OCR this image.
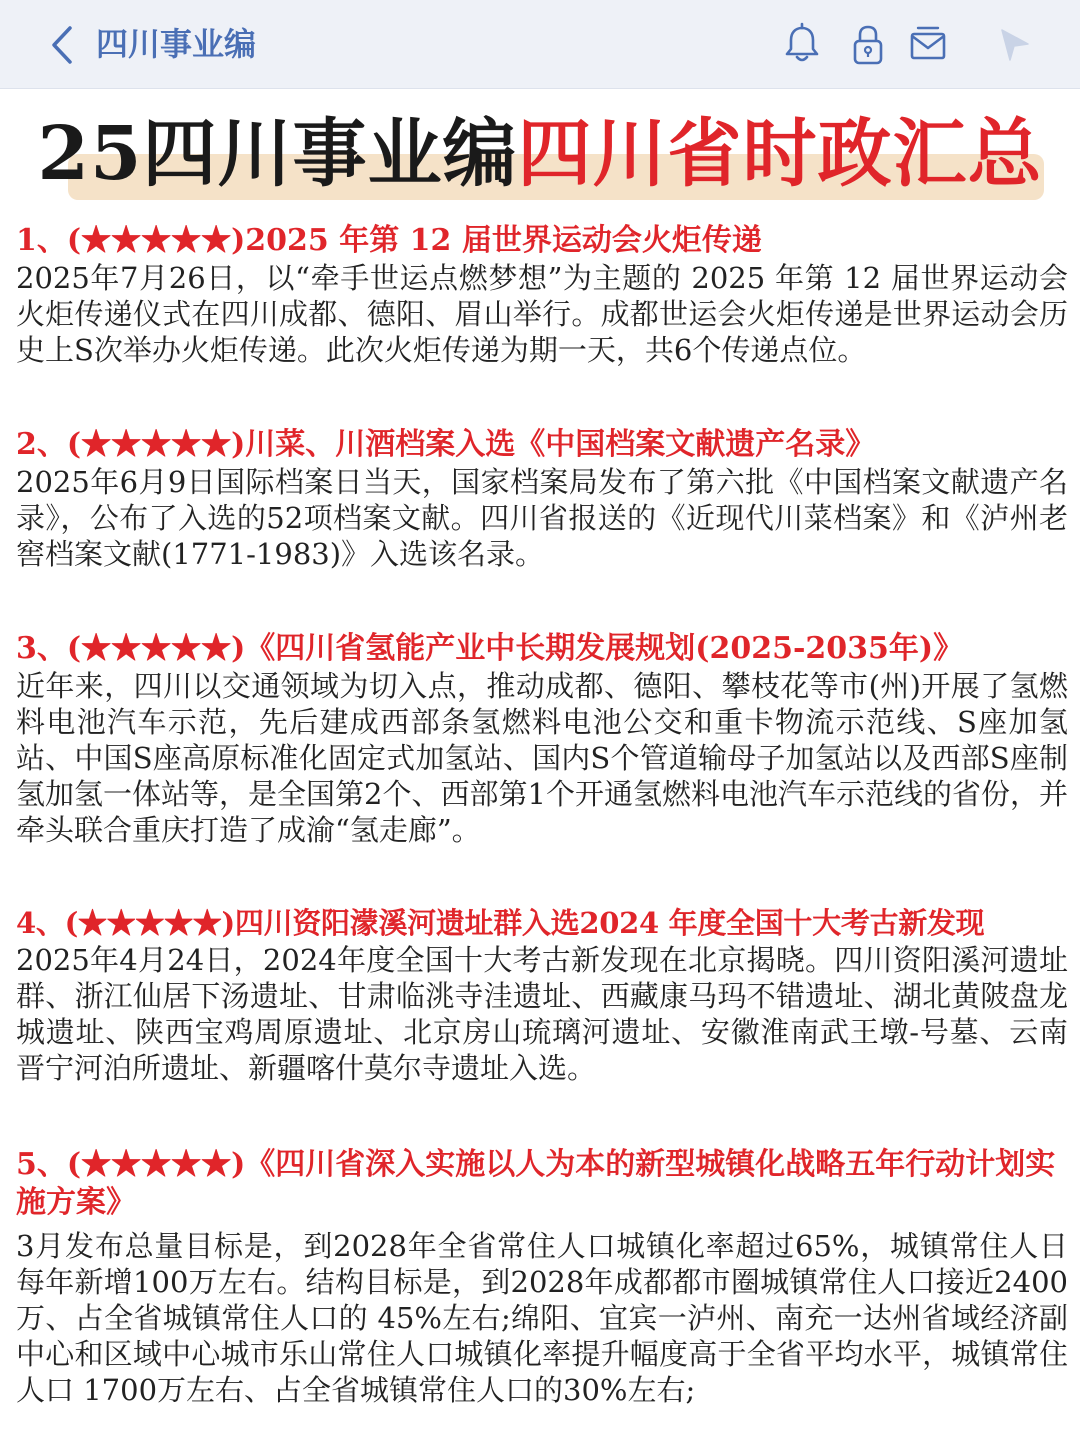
四川事业编
25四川事业编四川省时政汇总

1、(★★★★★)2025 年第 12 届世界运动会火炬传递

2025年7月26日，以“牵手世运点燃梦想”为主题的 2025 年第 12 届世界运动会火炬传递仪式在四川成都、德阳、眉山举行。成都世运会火炬传递是世界运动会历史上S次举办火炬传递。此次火炬传递为期一天，共6个传递点位。

2、(★★★★★)川菜、川酒档案入选《中国档案文献遗产名录》

2025年6月9日国际档案日当天，国家档案局发布了第六批《中国档案文献遗产名录》，公布了入选的52项档案文献。四川省报送的《近现代川菜档案》和《泸州老窖档案文献(1771-1983)》入选该名录。

3、(★★★★★)《四川省氢能产业中长期发展规划(2025-2035年)》

近年来，四川以交通领域为切入点，推动成都、德阳、攀枝花等市(州)开展了氢燃料电池汽车示范，先后建成西部条氢燃料电池公交和重卡物流示范线、S座加氢站、中国S座高原标准化固定式加氢站、国内S个管道输母子加氢站以及西部S座制氢加氢一体站等，是全国第2个、西部第1个开通氢燃料电池汽车示范线的省份，并牵头联合重庆打造了成渝“氢走廊”。

4、(★★★★★)四川资阳濛溪河遗址群入选2024 年度全国十大考古新发现

2025年4月24日，2024年度全国十大考古新发现在北京揭晓。四川资阳溪河遗址群、浙江仙居下汤遗址、甘肃临洮寺洼遗址、西藏康马玛不错遗址、湖北黄陂盘龙城遗址、陕西宝鸡周原遗址、北京房山琉璃河遗址、安徽淮南武王墩-号墓、云南晋宁河泊所遗址、新疆喀什莫尔寺遗址入选。

5、(★★★★★)《四川省深入实施以人为本的新型城镇化战略五年行动计划实施方案》

3月发布总量目标是，到2028年全省常住人口城镇化率超过65%，城镇常住人日每年新增100万左右。结构目标是，到2028年成都都市圈城镇常住人口接近2400 万、占全省城镇常住人口的 45%左右;绵阳、宜宾一泸州、南充一达州省域经济副中心和区域中心城市乐山常住人口城镇化率提升幅度高于全省平均水平，城镇常住人口 1700万左右、占全省城镇常住人口的30%左右;
